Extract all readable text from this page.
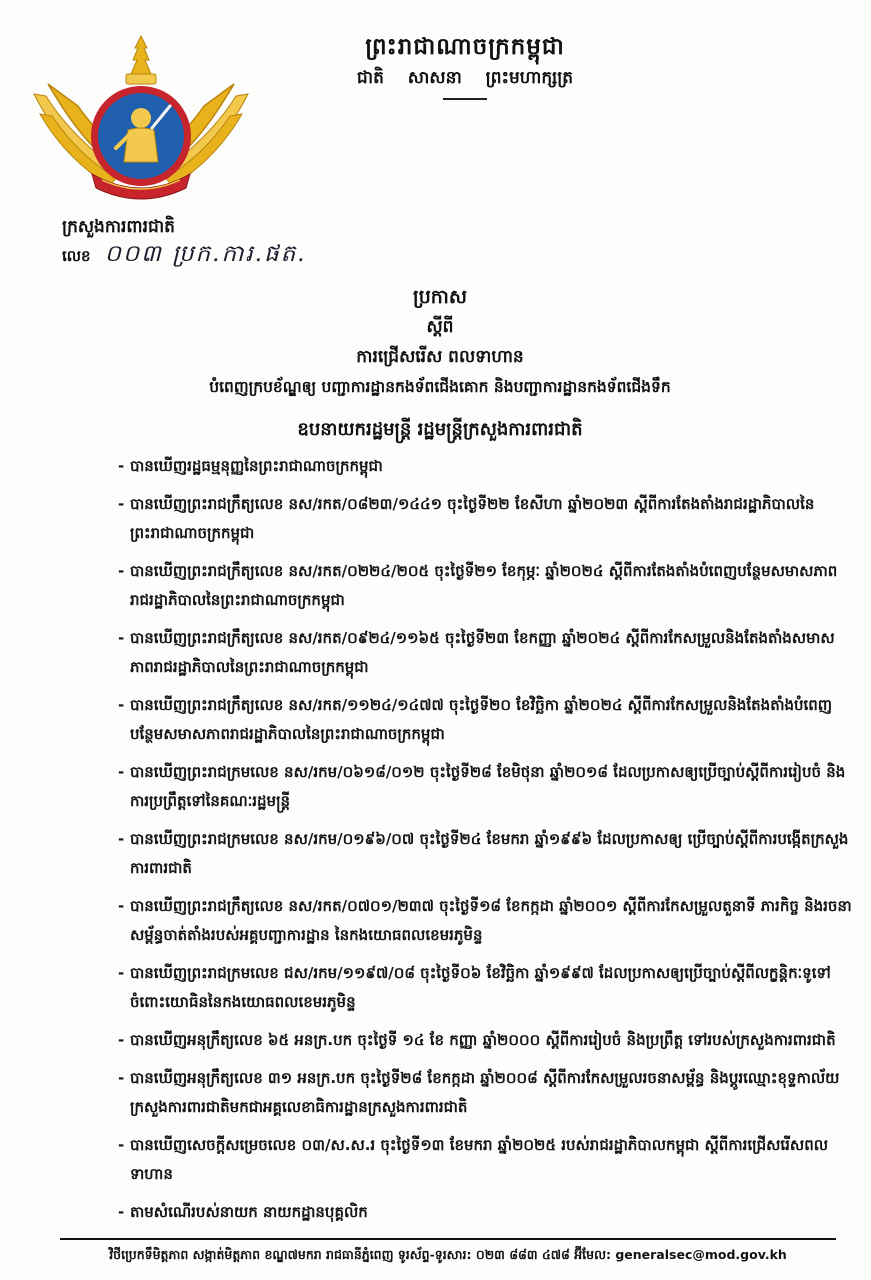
ព្រះរាជាណាចក្រកម្ពុជា
ជាតិ សាសនា ព្រះមហាក្សត្រ
ក្រសួងការពារជាតិ
លេខ ០០៣ ប្រក.ការ.ផត.
ប្រកាស
ស្ដីពី
ការជ្រើសរើស ពលទាហាន
បំពេញក្របខ័ណ្ឌឲ្យ បញ្ជាការដ្ឋានកងទ័ពជើងគោក និងបញ្ជាការដ្ឋានកងទ័ពជើងទឹក
ឧបនាយករដ្ឋមន្ត្រី រដ្ឋមន្ត្រីក្រសួងការពារជាតិ
- បានឃើញរដ្ឋធម្មនុញ្ញនៃព្រះរាជាណាចក្រកម្ពុជា
- បានឃើញព្រះរាជក្រឹត្យលេខ នស/រកត/០៨២៣/១៤៤១ ចុះថ្ងៃទី២២ ខែសីហា ឆ្នាំ២០២៣ ស្ដីពីការតែងតាំងរាជរដ្ឋាភិបាលនៃព្រះរាជាណាចក្រកម្ពុជា
- បានឃើញព្រះរាជក្រឹត្យលេខ នស/រកត/០២២៤/២០៥ ចុះថ្ងៃទី២១ ខែកុម្ភៈ ឆ្នាំ២០២៤ ស្ដីពីការតែងតាំងបំពេញបន្ថែមសមាសភាពរាជរដ្ឋាភិបាលនៃព្រះរាជាណាចក្រកម្ពុជា
- បានឃើញព្រះរាជក្រឹត្យលេខ នស/រកត/០៩២៤/១១៦៥ ចុះថ្ងៃទី២៣ ខែកញ្ញា ឆ្នាំ២០២៤ ស្ដីពីការកែសម្រួលនិងតែងតាំងសមាសភាពរាជរដ្ឋាភិបាលនៃព្រះរាជាណាចក្រកម្ពុជា
- បានឃើញព្រះរាជក្រឹត្យលេខ នស/រកត/១១២៤/១៤៧៧ ចុះថ្ងៃទី២០ ខែវិច្ឆិកា ឆ្នាំ២០២៤ ស្ដីពីការកែសម្រួលនិងតែងតាំងបំពេញបន្ថែមសមាសភាពរាជរដ្ឋាភិបាលនៃព្រះរាជាណាចក្រកម្ពុជា
- បានឃើញព្រះរាជក្រមលេខ នស/រកម/០៦១៨/០១២ ចុះថ្ងៃទី២៨ ខែមិថុនា ឆ្នាំ២០១៨ ដែលប្រកាសឲ្យប្រើច្បាប់ស្ដីពីការរៀបចំ និងការប្រព្រឹត្តទៅនៃគណៈរដ្ឋមន្ត្រី
- បានឃើញព្រះរាជក្រមលេខ នស/រកម/០១៩៦/០៧ ចុះថ្ងៃទី២៤ ខែមករា ឆ្នាំ១៩៩៦ ដែលប្រកាសឲ្យ ប្រើច្បាប់ស្ដីពីការបង្កើតក្រសួងការពារជាតិ
- បានឃើញព្រះរាជក្រឹត្យលេខ នស/រកត/០៧០១/២៣៧ ចុះថ្ងៃទី១៨ ខែកក្កដា ឆ្នាំ២០០១ ស្ដីពីការកែសម្រួលតួនាទី ភារកិច្ច និងរចនាសម្ព័ន្ធចាត់តាំងរបស់អគ្គបញ្ជាការដ្ឋាន នៃកងយោធពលខេមរភូមិន្ទ
- បានឃើញព្រះរាជក្រមលេខ ជស/រកម/១១៩៧/០៨ ចុះថ្ងៃទី០៦ ខែវិច្ឆិកា ឆ្នាំ១៩៩៧ ដែលប្រកាសឲ្យប្រើច្បាប់ស្ដីពីលក្ខន្តិកៈទូទៅចំពោះយោធិននៃកងយោធពលខេមរភូមិន្ទ
- បានឃើញអនុក្រឹត្យលេខ ៦៥ អនក្រ.បក ចុះថ្ងៃទី ១៤ ខែ កញ្ញា ឆ្នាំ២០០០ ស្ដីពីការរៀបចំ និងប្រព្រឹត្ត ទៅរបស់ក្រសួងការពារជាតិ
- បានឃើញអនុក្រឹត្យលេខ ៣១ អនក្រ.បក ចុះថ្ងៃទី២៨ ខែកក្កដា ឆ្នាំ២០០៨ ស្ដីពីការកែសម្រួលរចនាសម្ព័ន្ធ និងប្ដូរឈ្មោះខុទ្ទកាល័យ ក្រសួងការពារជាតិមកជាអគ្គលេខាធិការដ្ឋានក្រសួងការពារជាតិ
- បានឃើញសេចក្ដីសម្រេចលេខ ០៣/ស.ស.រ ចុះថ្ងៃទី១៣ ខែមករា ឆ្នាំ២០២៥ របស់រាជរដ្ឋាភិបាលកម្ពុជា ស្ដីពីការជ្រើសរើសពលទាហាន
- តាមសំណើរបស់នាយក នាយកដ្ឋានបុគ្គលិក
វិថីប្រេកទឹមិត្តភាព សង្កាត់មិត្តភាព ខណ្ឌ៧មករា រាជធានីភ្នំពេញ ទូរស័ព្ទ-ទូរសារ: ០២៣ ៨៨៣ ៤៧៨ អ៊ីមែល: generalsec@mod.gov.kh
